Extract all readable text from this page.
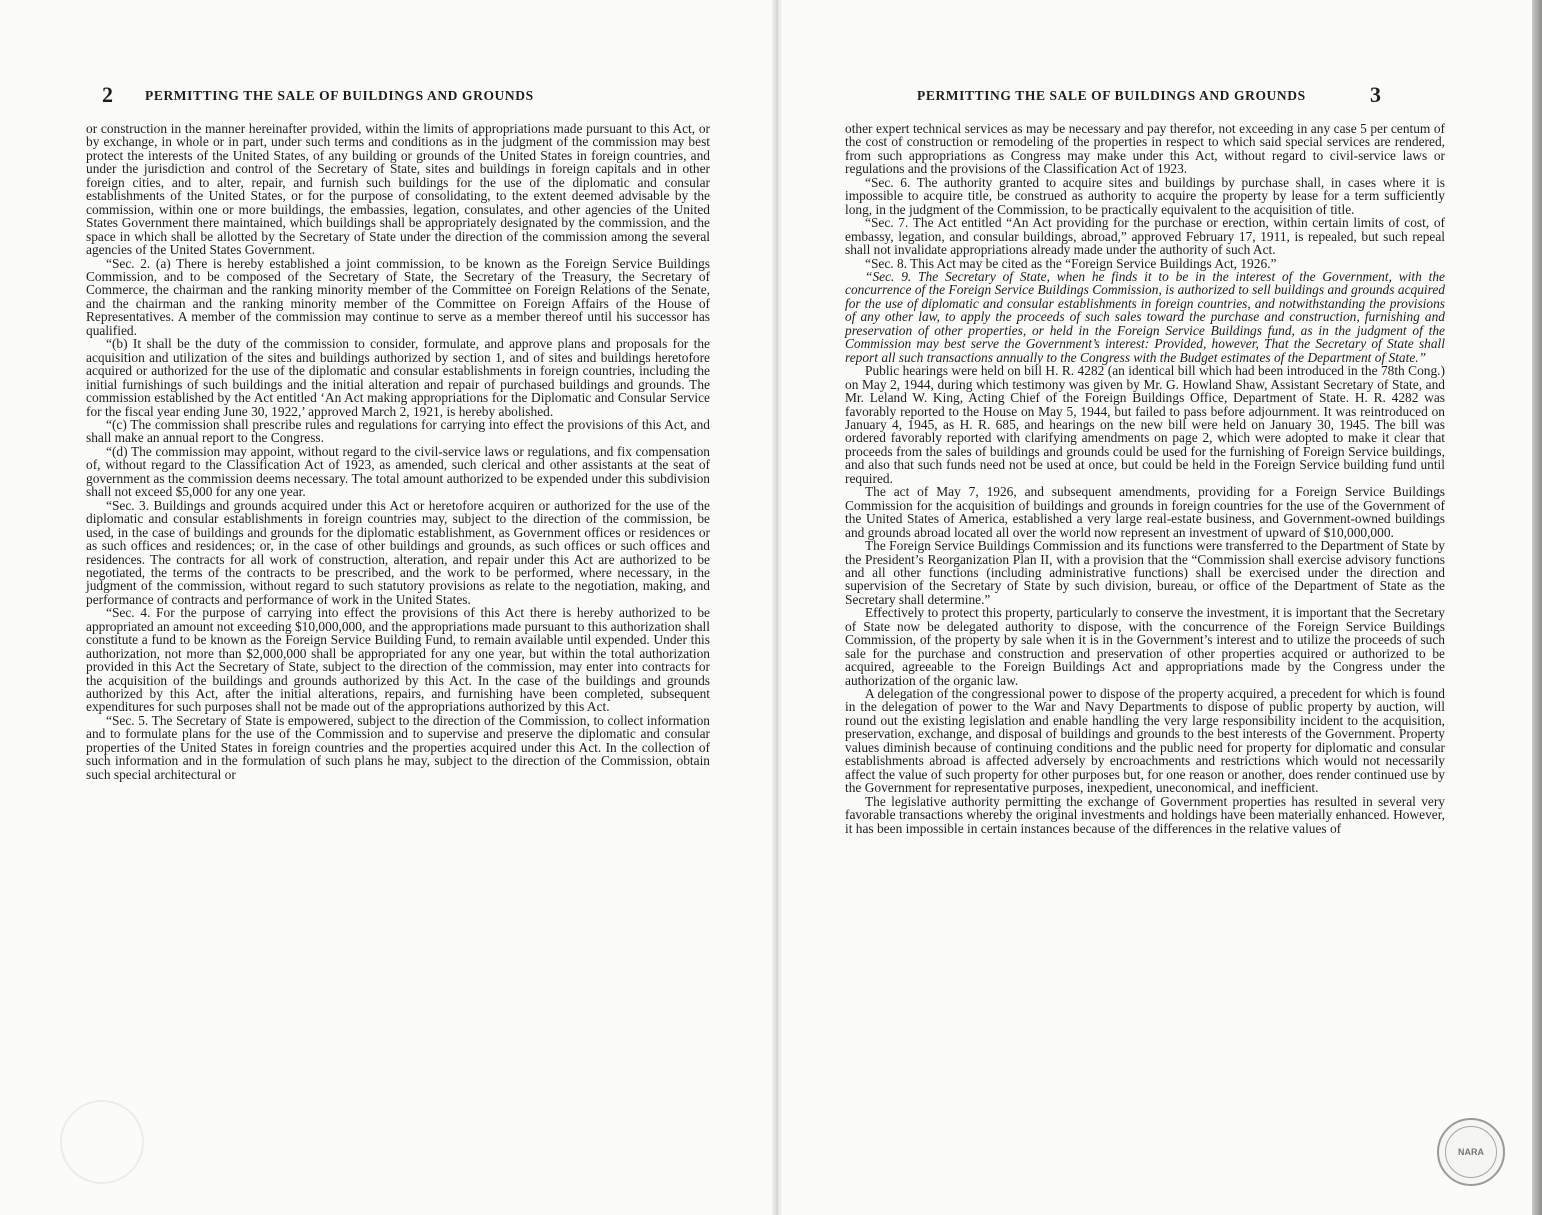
2 PERMITTING THE SALE OF BUILDINGS AND GROUNDS

or construction in the manner hereinafter provided, within the limits of appropriations made pursuant to this Act, or by exchange, in whole or in part, under such terms and conditions as in the judgment of the commission may best protect the interests of the United States, of any building or grounds of the United States in foreign countries, and under the jurisdiction and control of the Secretary of State, sites and buildings in foreign capitals and in other foreign cities, and to alter, repair, and furnish such buildings for the use of the diplomatic and consular establishments of the United States, or for the purpose of consolidating, to the extent deemed advisable by the commission, within one or more buildings, the embassies, legation, consulates, and other agencies of the United States Government there maintained, which buildings shall be appropriately designated by the commission, and the space in which shall be allotted by the Secretary of State under the direction of the commission among the several agencies of the United States Government.

“Sec. 2. (a) There is hereby established a joint commission, to be known as the Foreign Service Buildings Commission, and to be composed of the Secretary of State, the Secretary of the Treasury, the Secretary of Commerce, the chairman and the ranking minority member of the Committee on Foreign Relations of the Senate, and the chairman and the ranking minority member of the Committee on Foreign Affairs of the House of Representatives. A member of the commission may continue to serve as a member thereof until his successor has qualified.

“(b) It shall be the duty of the commission to consider, formulate, and approve plans and proposals for the acquisition and utilization of the sites and buildings authorized by section 1, and of sites and buildings heretofore acquired or authorized for the use of the diplomatic and consular establishments in foreign countries, including the initial furnishings of such buildings and the initial alteration and repair of purchased buildings and grounds. The commission established by the Act entitled ‘An Act making appropriations for the Diplomatic and Consular Service for the fiscal year ending June 30, 1922,’ approved March 2, 1921, is hereby abolished.

“(c) The commission shall prescribe rules and regulations for carrying into effect the provisions of this Act, and shall make an annual report to the Congress.

“(d) The commission may appoint, without regard to the civil-service laws or regulations, and fix compensation of, without regard to the Classification Act of 1923, as amended, such clerical and other assistants at the seat of government as the commission deems necessary. The total amount authorized to be expended under this subdivision shall not exceed $5,000 for any one year.

“Sec. 3. Buildings and grounds acquired under this Act or heretofore acquiren or authorized for the use of the diplomatic and consular establishments in foreign countries may, subject to the direction of the commission, be used, in the case of buildings and grounds for the diplomatic establishment, as Government offices or residences or as such offices and residences; or, in the case of other buildings and grounds, as such offices or such offices and residences. The contracts for all work of construction, alteration, and repair under this Act are authorized to be negotiated, the terms of the contracts to be prescribed, and the work to be performed, where necessary, in the judgment of the commission, without regard to such statutory provisions as relate to the negotiation, making, and performance of contracts and performance of work in the United States.

“Sec. 4. For the purpose of carrying into effect the provisions of this Act there is hereby authorized to be appropriated an amount not exceeding $10,000,000, and the appropriations made pursuant to this authorization shall constitute a fund to be known as the Foreign Service Building Fund, to remain available until expended. Under this authorization, not more than $2,000,000 shall be appropriated for any one year, but within the total authorization provided in this Act the Secretary of State, subject to the direction of the commission, may enter into contracts for the acquisition of the buildings and grounds authorized by this Act. In the case of the buildings and grounds authorized by this Act, after the initial alterations, repairs, and furnishing have been completed, subsequent expenditures for such purposes shall not be made out of the appropriations authorized by this Act.

“Sec. 5. The Secretary of State is empowered, subject to the direction of the Commission, to collect information and to formulate plans for the use of the Commission and to supervise and preserve the diplomatic and consular properties of the United States in foreign countries and the properties acquired under this Act. In the collection of such information and in the formulation of such plans he may, subject to the direction of the Commission, obtain such special architectural or

PERMITTING THE SALE OF BUILDINGS AND GROUNDS	3

other expert technical services as may be necessary and pay therefor, not exceeding in any case 5 per centum of the cost of construction or remodeling of the properties in respect to which said special services are rendered, from such appropriations as Congress may make under this Act, without regard to civil-service laws or regulations and the provisions of the Classification Act of 1923.

“Sec. 6. The authority granted to acquire sites and buildings by purchase shall, in cases where it is impossible to acquire title, be construed as authority to acquire the property by lease for a term sufficiently long, in the judgment of the Commission, to be practically equivalent to the acquisition of title.

“Sec. 7. The Act entitled “An Act providing for the purchase or erection, within certain limits of cost, of embassy, legation, and consular buildings, abroad,” approved February 17, 1911, is repealed, but such repeal shall not invalidate appropriations already made under the authority of such Act.

“Sec. 8. This Act may be cited as the “Foreign Service Buildings Act, 1926.”

“Sec. 9. The Secretary of State, when he finds it to be in the interest of the Government, with the concurrence of the Foreign Service Buildings Commission, is authorized to sell buildings and grounds acquired for the use of diplomatic and consular establishments in foreign countries, and notwithstanding the provisions of any other law, to apply the proceeds of such sales toward the purchase and construction, furnishing and preservation of other properties, or held in the Foreign Service Buildings fund, as in the judgment of the Commission may best serve the Government’s interest: Provided, however, That the Secretary of State shall report all such transactions annually to the Congress with the Budget estimates of the Department of State.”

Public hearings were held on bill H. R. 4282 (an identical bill which had been introduced in the 78th Cong.) on May 2, 1944, during which testimony was given by Mr. G. Howland Shaw, Assistant Secretary of State, and Mr. Leland W. King, Acting Chief of the Foreign Buildings Office, Department of State. H. R. 4282 was favorably reported to the House on May 5, 1944, but failed to pass before adjournment. It was reintroduced on January 4, 1945, as H. R. 685, and hearings on the new bill were held on January 30, 1945. The bill was ordered favorably reported with clarifying amendments on page 2, which were adopted to make it clear that proceeds from the sales of buildings and grounds could be used for the furnishing of Foreign Service buildings, and also that such funds need not be used at once, but could be held in the Foreign Service building fund until required.

The act of May 7, 1926, and subsequent amendments, providing for a Foreign Service Buildings Commission for the acquisition of buildings and grounds in foreign countries for the use of the Government of the United States of America, established a very large real-estate business, and Government-owned buildings and grounds abroad located all over the world now represent an investment of upward of $10,000,000.

The Foreign Service Buildings Commission and its functions were transferred to the Department of State by the President’s Reorganization Plan II, with a provision that the “Commission shall exercise advisory functions and all other functions (including administrative functions) shall be exercised under the direction and supervision of the Secretary of State by such division, bureau, or office of the Department of State as the Secretary shall determine.”

Effectively to protect this property, particularly to conserve the investment, it is important that the Secretary of State now be delegated authority to dispose, with the concurrence of the Foreign Service Buildings Commission, of the property by sale when it is in the Government’s interest and to utilize the proceeds of such sale for the purchase and construction and preservation of other properties acquired or authorized to be acquired, agreeable to the Foreign Buildings Act and appropriations made by the Congress under the authorization of the organic law.

A delegation of the congressional power to dispose of the property acquired, a precedent for which is found in the delegation of power to the War and Navy Departments to dispose of public property by auction, will round out the existing legislation and enable handling the very large responsibility incident to the acquisition, preservation, exchange, and disposal of buildings and grounds to the best interests of the Government. Property values diminish because of continuing conditions and the public need for property for diplomatic and consular establishments abroad is affected adversely by encroachments and restrictions which would not necessarily affect the value of such property for other purposes but, for one reason or another, does render continued use by the Government for representative purposes, inexpedient, uneconomical, and inefficient.

The legislative authority permitting the exchange of Government properties has resulted in several very favorable transactions whereby the original investments and holdings have been materially enhanced. However, it has been impossible in certain instances because of the differences in the relative values of

NARA
